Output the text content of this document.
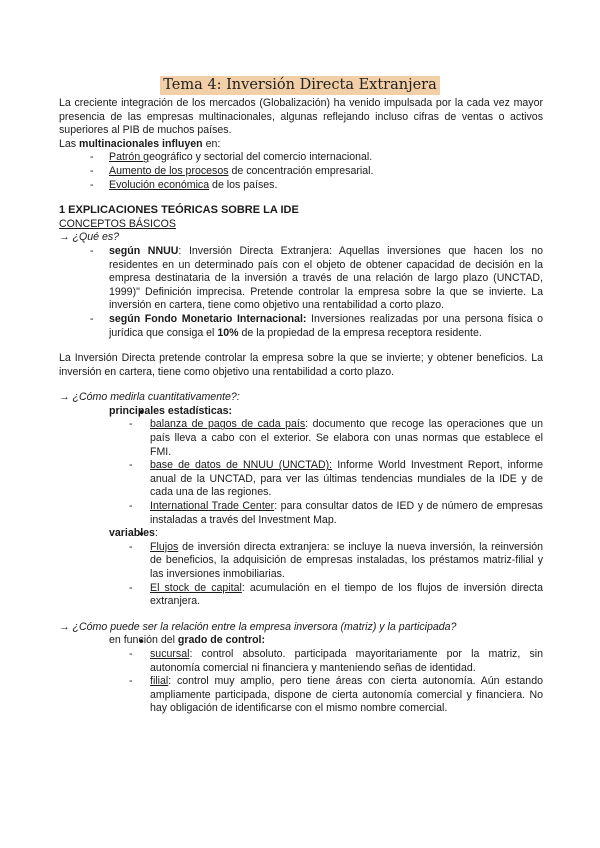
Tema 4: Inversión Directa Extranjera

La creciente integración de los mercados (Globalización) ha venido impulsada por la cada vez mayor presencia de las empresas multinacionales, algunas reflejando incluso cifras de ventas o activos superiores al PIB de muchos países.

Las multinacionales influyen en:

- Patrón geográfico y sectorial del comercio internacional.
- Aumento de los procesos de concentración empresarial.
- Evolución económica de los países.

1 EXPLICACIONES TEÓRICAS SOBRE LA IDE

CONCEPTOS BÁSICOS

→ ¿Qué es?

- según NNUU: Inversión Directa Extranjera: Aquellas inversiones que hacen los no residentes en un determinado país con el objeto de obtener capacidad de decisión en la empresa destinataria de la inversión a través de una relación de largo plazo (UNCTAD, 1999)" Definición imprecisa. Pretende controlar la empresa sobre la que se invierte. La inversión en cartera, tiene como objetivo una rentabilidad a corto plazo.
- según Fondo Monetario Internacional: Inversiones realizadas por una persona física o jurídica que consiga el 10% de la propiedad de la empresa receptora residente.

La Inversión Directa pretende controlar la empresa sobre la que se invierte; y obtener beneficios. La inversión en cartera, tiene como objetivo una rentabilidad a corto plazo.

→ ¿Cómo medirla cuantitativamente?:

● principales estadísticas:
- balanza de pagos de cada país: documento que recoge las operaciones que un país lleva a cabo con el exterior. Se elabora con unas normas que establece el FMI.
- base de datos de NNUU (UNCTAD): Informe World Investment Report, informe anual de la UNCTAD, para ver las últimas tendencias mundiales de la IDE y de cada una de las regiones.
- International Trade Center: para consultar datos de IED y de número de empresas instaladas a través del Investment Map.
● variables:
- Flujos de inversión directa extranjera: se incluye la nueva inversión, la reinversión de beneficios, la adquisición de empresas instaladas, los préstamos matriz-filial y las inversiones inmobiliarias.
- El stock de capital: acumulación en el tiempo de los flujos de inversión directa extranjera.

→ ¿Cómo puede ser la relación entre la empresa inversora (matriz) y la participada?

● en función del grado de control:
- sucursal: control absoluto. participada mayoritariamente por la matriz, sin autonomía comercial ni financiera y manteniendo señas de identidad.
- filial: control muy amplio, pero tiene áreas con cierta autonomía. Aún estando ampliamente participada, dispone de cierta autonomía comercial y financiera. No hay obligación de identificarse con el mismo nombre comercial.
